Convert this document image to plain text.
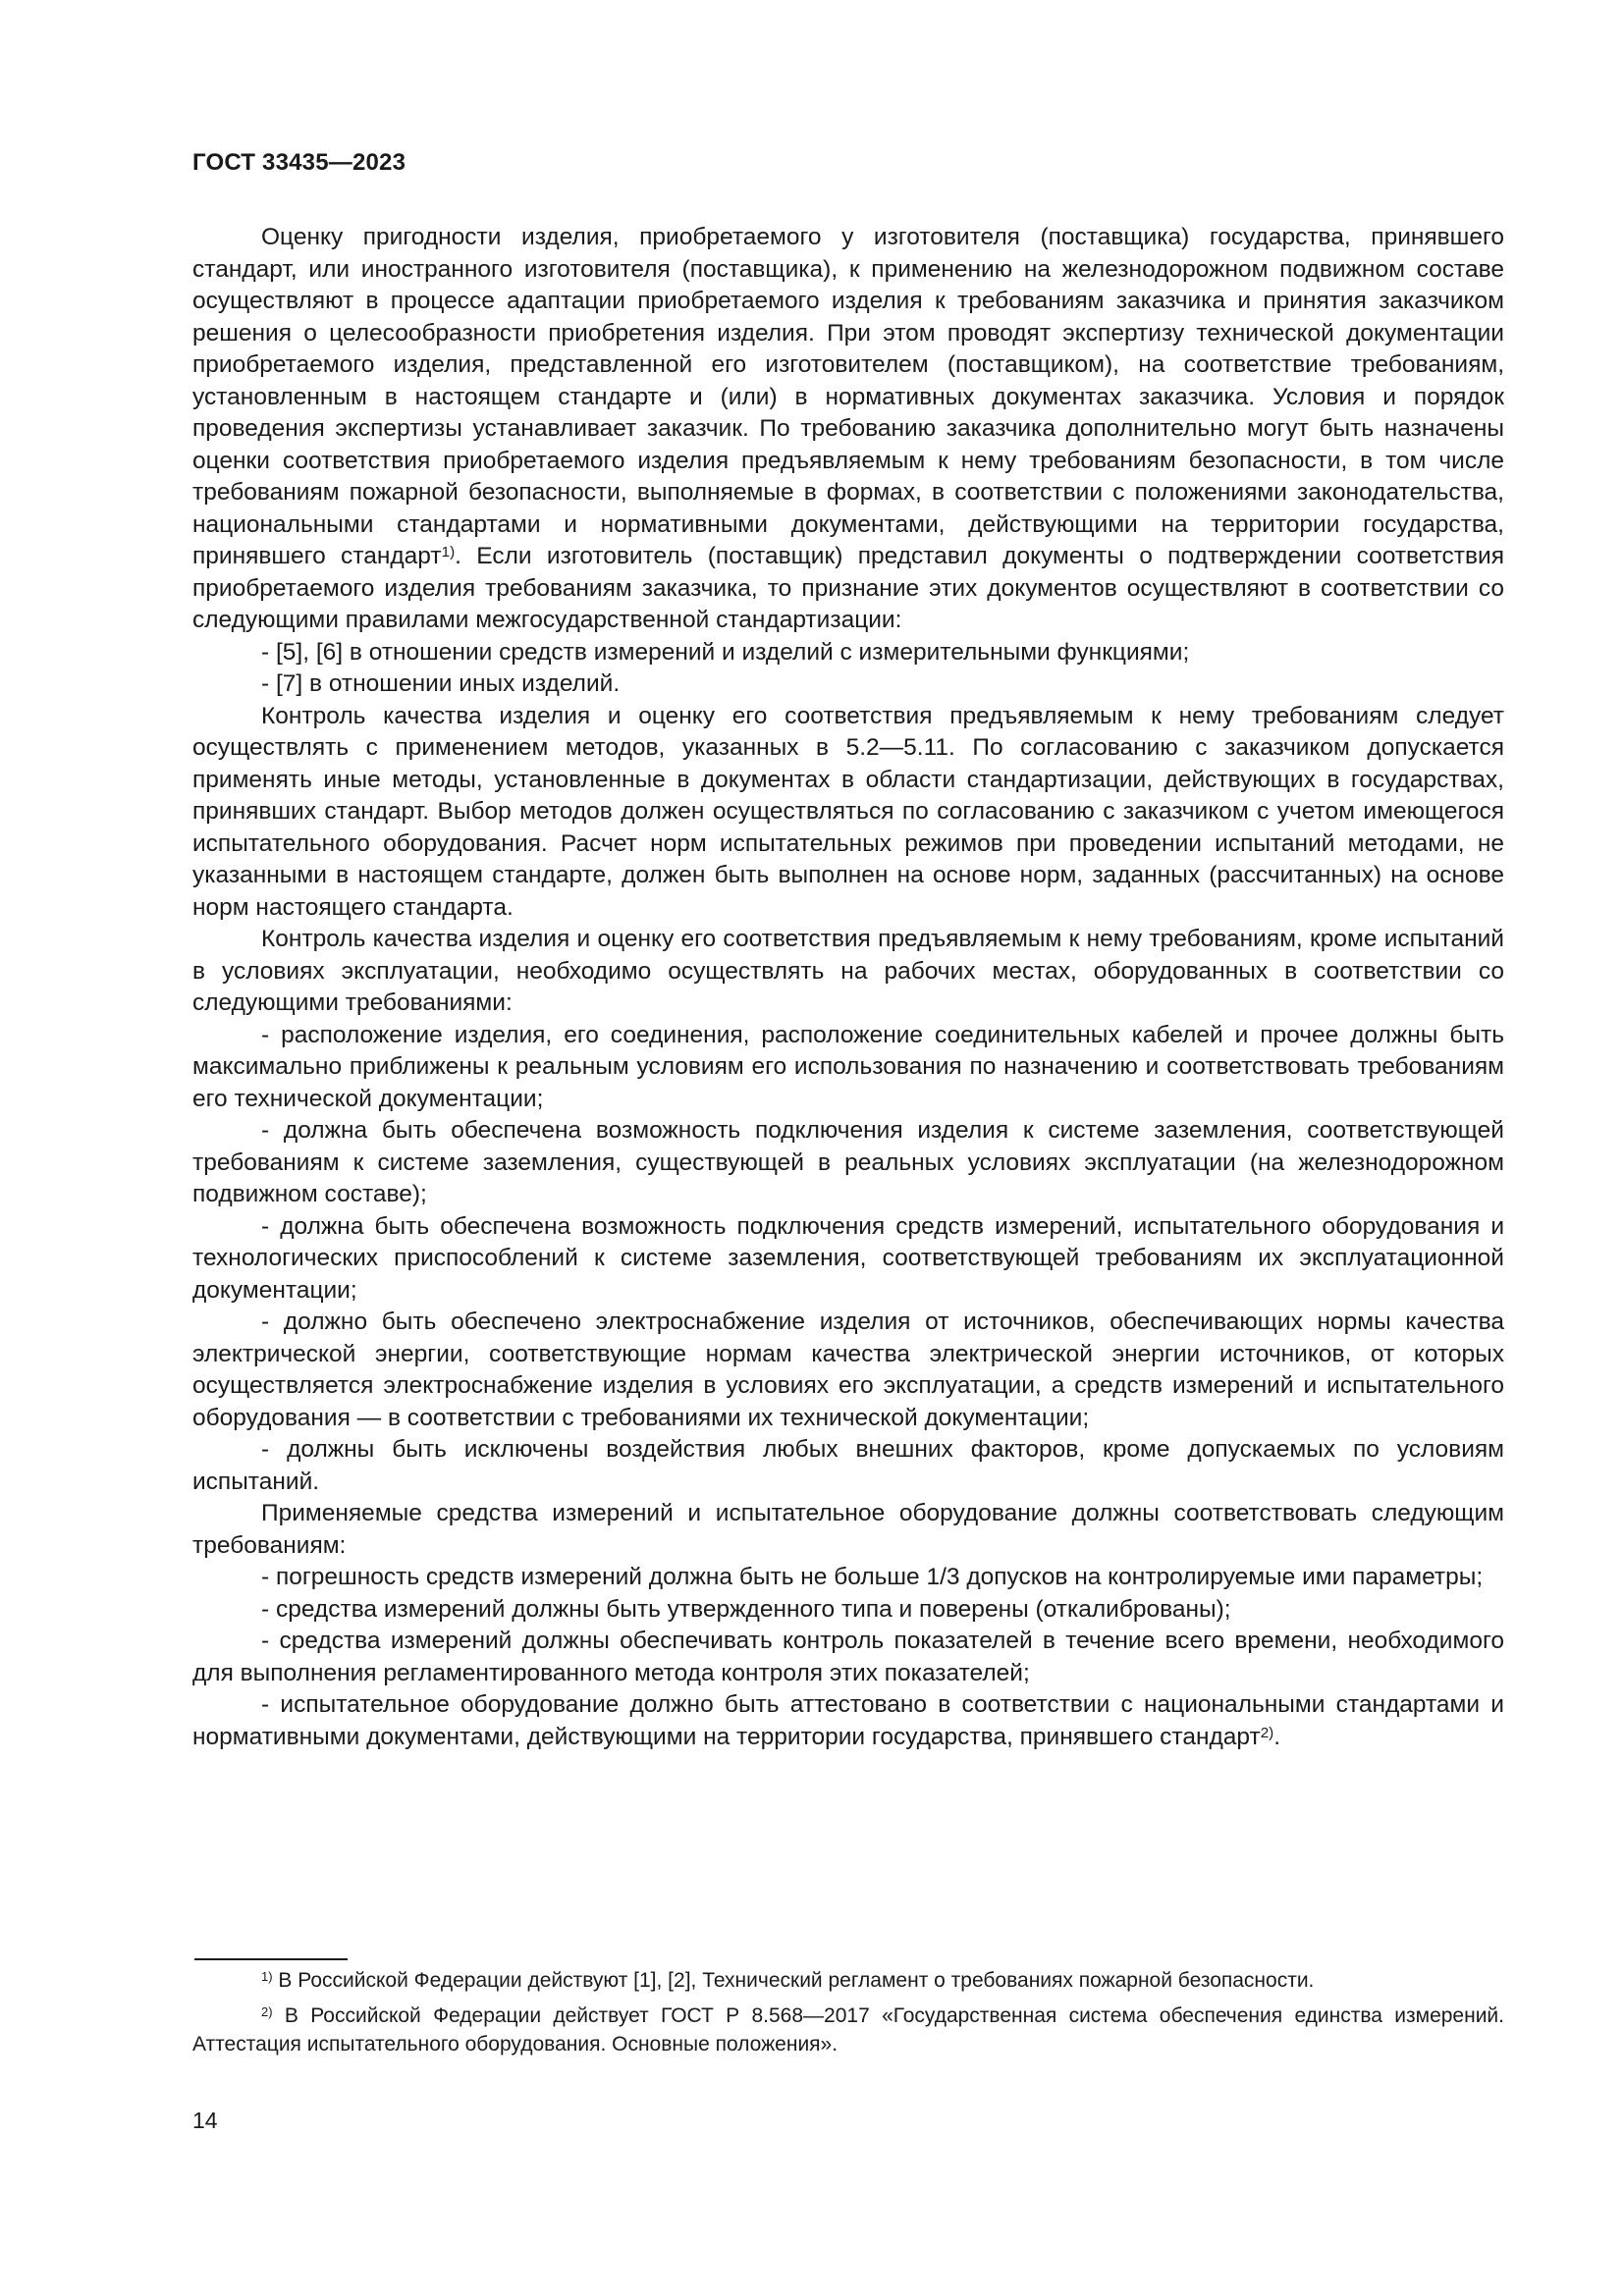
ГОСТ 33435—2023

Оценку пригодности изделия, приобретаемого у изготовителя (поставщика) государства, принявшего стандарт, или иностранного изготовителя (поставщика), к применению на железнодорожном подвижном составе осуществляют в процессе адаптации приобретаемого изделия к требованиям заказчика и принятия заказчиком решения о целесообразности приобретения изделия. При этом проводят экспертизу технической документации приобретаемого изделия, представленной его изготовителем (поставщиком), на соответствие требованиям, установленным в настоящем стандарте и (или) в нормативных документах заказчика. Условия и порядок проведения экспертизы устанавливает заказчик. По требованию заказчика дополнительно могут быть назначены оценки соответствия приобретаемого изделия предъявляемым к нему требованиям безопасности, в том числе требованиям пожарной безопасности, выполняемые в формах, в соответствии с положениями законодательства, национальными стандартами и нормативными документами, действующими на территории государства, принявшего стандарт$^{1)}$. Если изготовитель (поставщик) представил документы о подтверждении соответствия приобретаемого изделия требованиям заказчика, то признание этих документов осуществляют в соответствии со следующими правилами межгосударственной стандартизации:

- [5], [6] в отношении средств измерений и изделий с измерительными функциями;

- [7] в отношении иных изделий.

Контроль качества изделия и оценку его соответствия предъявляемым к нему требованиям следует осуществлять с применением методов, указанных в 5.2—5.11. По согласованию с заказчиком допускается применять иные методы, установленные в документах в области стандартизации, действующих в государствах, принявших стандарт. Выбор методов должен осуществляться по согласованию с заказчиком с учетом имеющегося испытательного оборудования. Расчет норм испытательных режимов при проведении испытаний методами, не указанными в настоящем стандарте, должен быть выполнен на основе норм, заданных (рассчитанных) на основе норм настоящего стандарта.

Контроль качества изделия и оценку его соответствия предъявляемым к нему требованиям, кроме испытаний в условиях эксплуатации, необходимо осуществлять на рабочих местах, оборудованных в соответствии со следующими требованиями:

- расположение изделия, его соединения, расположение соединительных кабелей и прочее должны быть максимально приближены к реальным условиям его использования по назначению и соответствовать требованиям его технической документации;

- должна быть обеспечена возможность подключения изделия к системе заземления, соответствующей требованиям к системе заземления, существующей в реальных условиях эксплуатации (на железнодорожном подвижном составе);

- должна быть обеспечена возможность подключения средств измерений, испытательного оборудования и технологических приспособлений к системе заземления, соответствующей требованиям их эксплуатационной документации;

- должно быть обеспечено электроснабжение изделия от источников, обеспечивающих нормы качества электрической энергии, соответствующие нормам качества электрической энергии источников, от которых осуществляется электроснабжение изделия в условиях его эксплуатации, а средств измерений и испытательного оборудования — в соответствии с требованиями их технической документации;

- должны быть исключены воздействия любых внешних факторов, кроме допускаемых по условиям испытаний.

Применяемые средства измерений и испытательное оборудование должны соответствовать следующим требованиям:

- погрешность средств измерений должна быть не больше 1/3 допусков на контролируемые ими параметры;

- средства измерений должны быть утвержденного типа и поверены (откалиброваны);

- средства измерений должны обеспечивать контроль показателей в течение всего времени, необходимого для выполнения регламентированного метода контроля этих показателей;

- испытательное оборудование должно быть аттестовано в соответствии с национальными стандартами и нормативными документами, действующими на территории государства, принявшего стандарт$^{2)}$.

$^{1)}$ В Российской Федерации действуют [1], [2], Технический регламент о требованиях пожарной безопасности.

$^{2)}$ В Российской Федерации действует ГОСТ Р 8.568—2017 «Государственная система обеспечения единства измерений. Аттестация испытательного оборудования. Основные положения».

14
